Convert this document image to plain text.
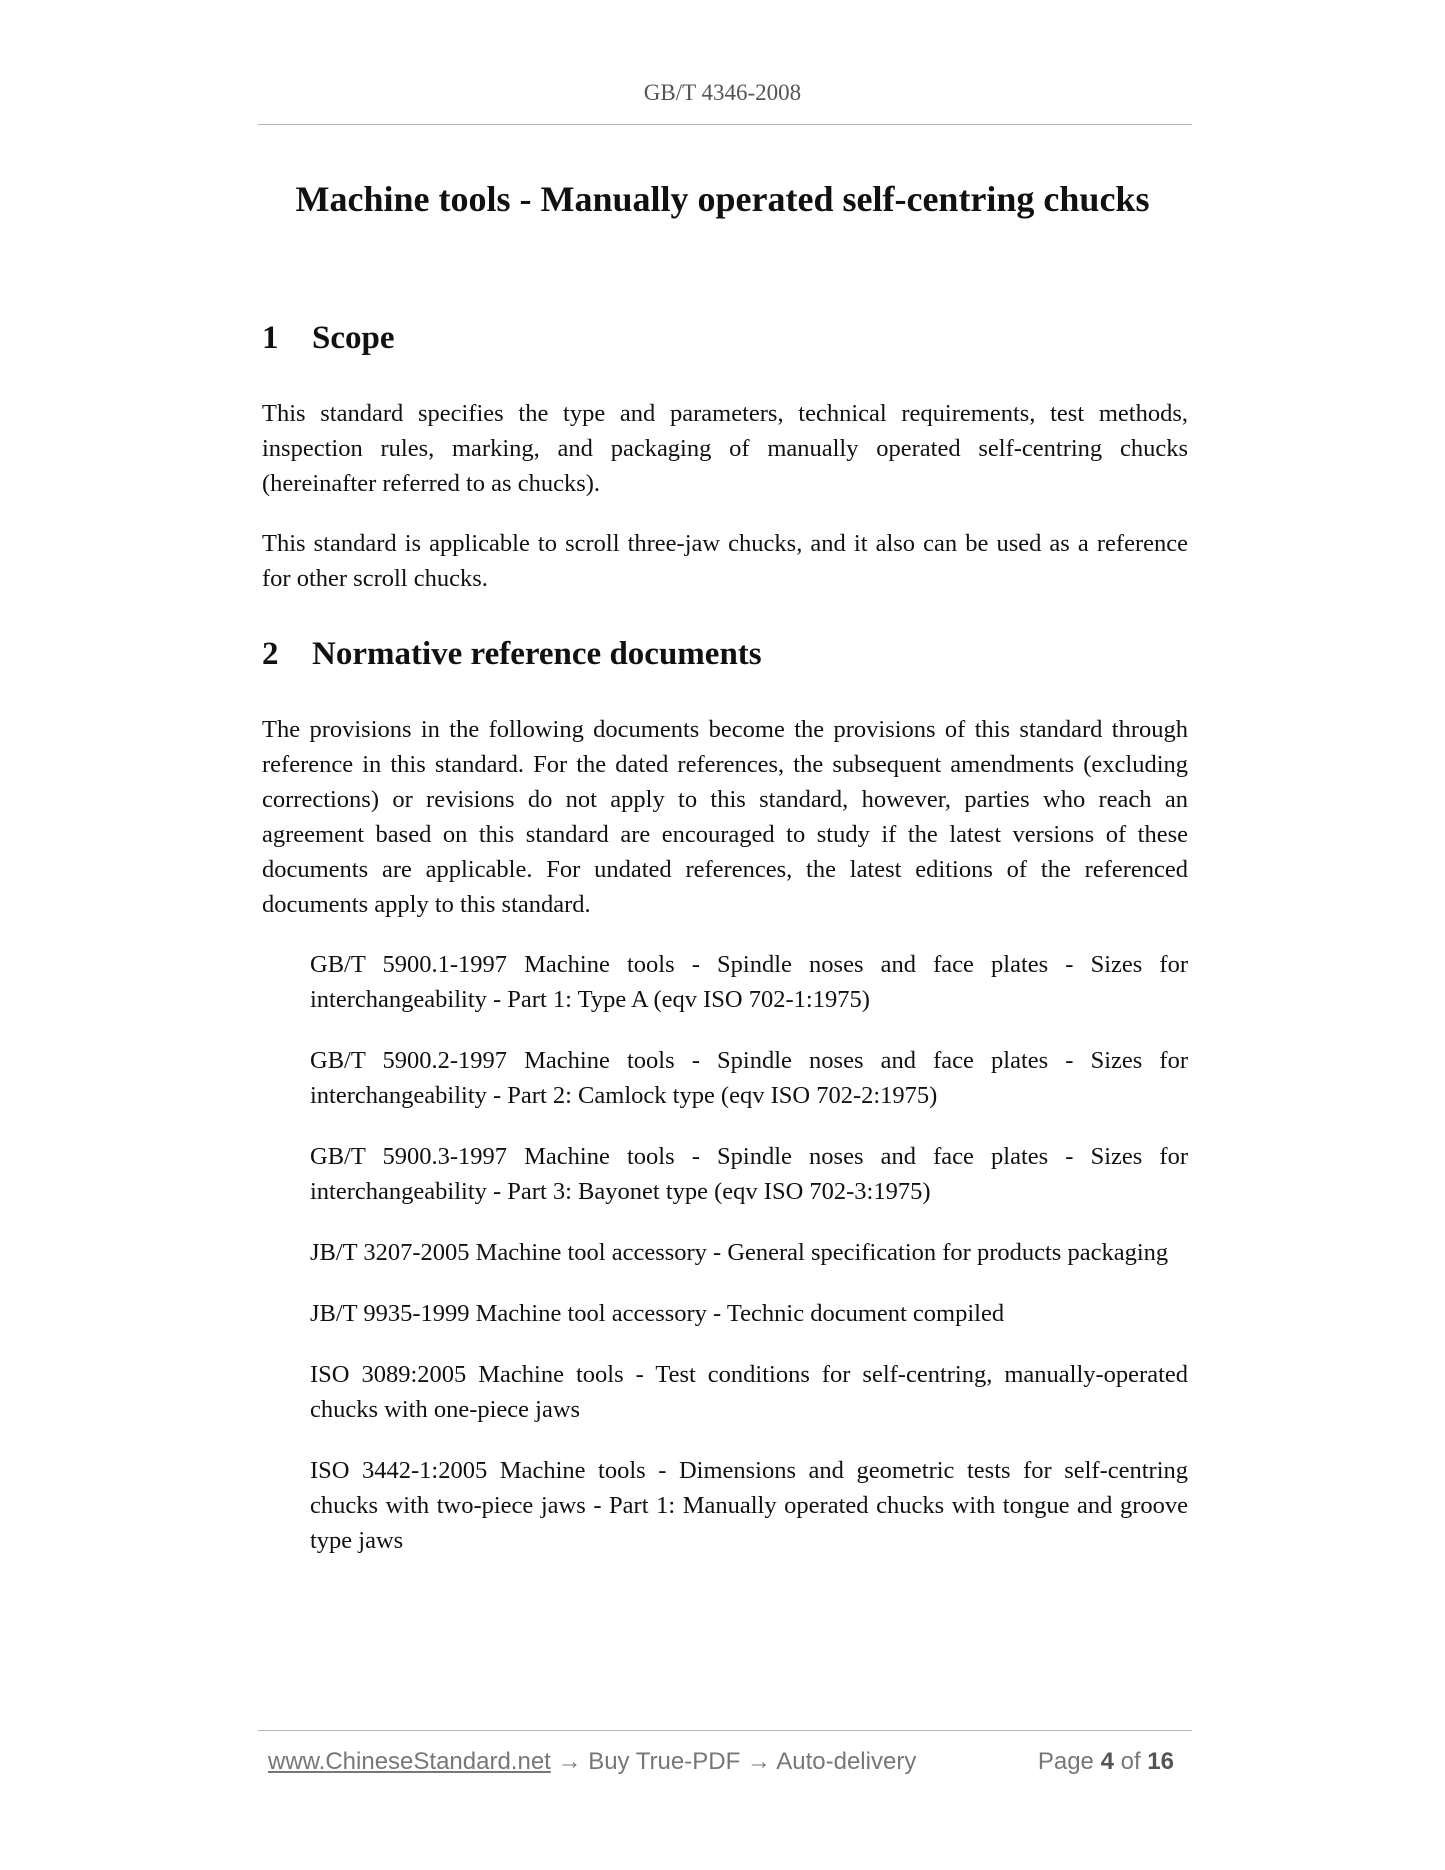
GB/T 4346-2008
Machine tools - Manually operated self-centring chucks
1 Scope

This standard specifies the type and parameters, technical requirements, test methods, inspection rules, marking, and packaging of manually operated self-centring chucks (hereinafter referred to as chucks).

This standard is applicable to scroll three-jaw chucks, and it also can be used as a reference for other scroll chucks.

2 Normative reference documents

The provisions in the following documents become the provisions of this standard through reference in this standard. For the dated references, the subsequent amendments (excluding corrections) or revisions do not apply to this standard, however, parties who reach an agreement based on this standard are encouraged to study if the latest versions of these documents are applicable. For undated references, the latest editions of the referenced documents apply to this standard.

GB/T 5900.1-1997 Machine tools - Spindle noses and face plates - Sizes for interchangeability - Part 1: Type A (eqv ISO 702-1:1975)
GB/T 5900.2-1997 Machine tools - Spindle noses and face plates - Sizes for interchangeability - Part 2: Camlock type (eqv ISO 702-2:1975)
GB/T 5900.3-1997 Machine tools - Spindle noses and face plates - Sizes for interchangeability - Part 3: Bayonet type (eqv ISO 702-3:1975)
JB/T 3207-2005 Machine tool accessory - General specification for products packaging
JB/T 9935-1999 Machine tool accessory - Technic document compiled
ISO 3089:2005 Machine tools - Test conditions for self-centring, manually-operated chucks with one-piece jaws
ISO 3442-1:2005 Machine tools - Dimensions and geometric tests for self-centring chucks with two-piece jaws - Part 1: Manually operated chucks with tongue and groove type jaws
www.ChineseStandard.net → Buy True-PDF → Auto-delivery	Page 4 of 16
